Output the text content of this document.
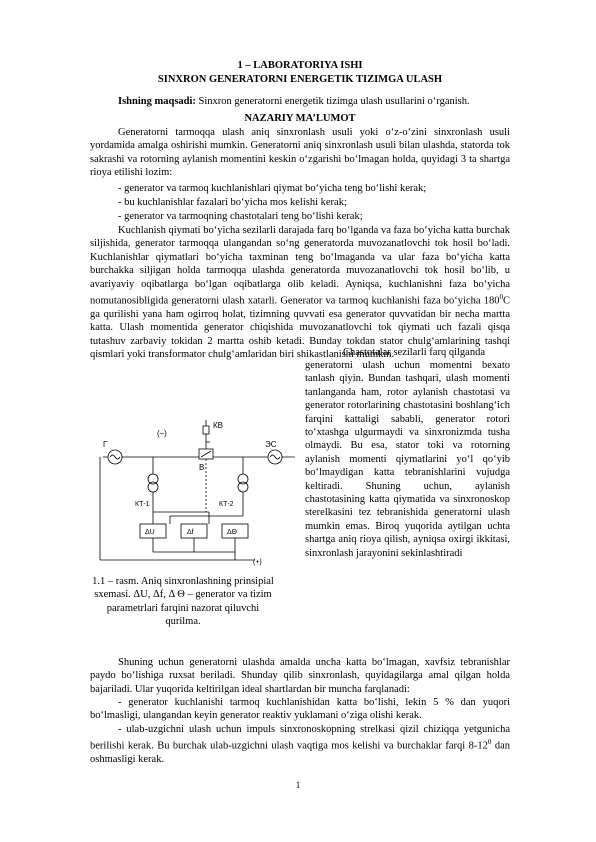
1 – LABORATORIYA ISHI
SINXRON GENERATORNI ENERGETIK TIZIMGA ULASH
Ishning maqsadi: Sinxron generatorni energetik tizimga ulash usullarini o‘rganish.
NAZARIY MA’LUMOT
Generatorni tarmoqqa ulash aniq sinxronlash usuli yoki o‘z-o‘zini sinxronlash usuli yordamida amalga oshirishi mumkin. Generatorni aniq sinxronlash usuli bilan ulashda, statorda tok sakrashi va rotorning aylanish momentini keskin o‘zgarishi bo‘lmagan holda, quyidagi 3 ta shartga rioya etilishi lozim:
- generator va tarmoq kuchlanishlari qiymat bo‘yicha teng bo‘lishi kerak;
- bu kuchlanishlar fazalari bo‘yicha mos kelishi kerak;
- generator va tarmoqning chastotalari teng bo‘lishi kerak;
Kuchlanish qiymati bo‘yicha sezilarli darajada farq bo‘lganda va faza bo‘yicha katta burchak siljishida, generator tarmoqqa ulangandan so‘ng generatorda muvozanatlovchi tok hosil bo‘ladi. Kuchlanishlar qiymatlari bo‘yicha taxminan teng bo‘lmaganda va ular faza bo‘yicha katta burchakka siljigan holda tarmoqqa ulashda generatorda muvozanatlovchi tok hosil bo‘lib, u avariyaviy oqibatlarga bo‘lgan oqibatlarga olib keladi. Ayniqsa, kuchlanishni faza bo‘yicha nomutanosibligida generatorni ulash xatarli. Generator va tarmoq kuchlanishi faza bo‘yicha $180^0C$ ga qurilishi yana ham ogirroq holat, tizimning quvvati esa generator quvvatidan bir necha martta katta. Ulash momentida generator chiqishida muvozanatlovchi tok qiymati uch fazali qisqa tutashuv zarbaviy tokidan 2 martta oshib ketadi. Bunday tokdan stator chulg‘amlarining tashqi qismlari yoki transformator chulg‘amlaridan biri shikastlanishi mumkin.
Г
(–)
КВ
В
ЭС
КТ-1	КТ-2
ΔU	Δf	ΔΘ
(+)
1.1 – rasm. Aniq sinxronlashning prinsipial sxemasi. ΔU, Δf, Δ Θ – generator va tizim parametrlari farqini nazorat qiluvchi qurilma.
Chastotalar sezilarli farq qilganda
generatorni ulash uchun momentni bexato tanlash qiyin. Bundan tashqari, ulash momenti tanlanganda ham, rotor aylanish chastotasi va generator rotorlarining chastotasini boshlang‘ich farqini kattaligi sababli, generator rotori to‘xtashga ulgurmaydi va sinxronizmda tusha olmaydi. Bu esa, stator toki va rotorning aylanish momenti qiymatlarini yo‘l qo‘yib bo‘lmaydigan katta tebranishlarini vujudga keltiradi. Shuning uchun, aylanish chastotasining katta qiymatida va sinxronoskop sterelkasini tez tebranishida generatorni ulash mumkin emas. Biroq yuqorida aytilgan uchta shartga aniq rioya qilish, ayniqsa oxirgi ikkitasi, sinxronlash jarayonini sekinlashtiradi
Shuning uchun generatorni ulashda amalda uncha katta bo‘lmagan, xavfsiz tebranishlar paydo bo‘lishiga ruxsat beriladi. Shunday qilib sinxronlash, quyidagilarga amal qilgan holda bajariladi. Ular yuqorida keltirilgan ideal shartlardan bir muncha farqlanadi:
- generator kuchlanishi tarmoq kuchlanishidan katta bo‘lishi, lekin 5 % dan yuqori bo‘lmasligi, ulangandan keyin generator reaktiv yuklamani o‘ziga olishi kerak.
- ulab-uzgichni ulash uchun impuls sinxronoskopning strelkasi qizil chiziqqa yetgunicha berilishi kerak. Bu burchak ulab-uzgichni ulash vaqtiga mos kelishi va burchaklar farqi $8-12^0$ dan oshmasligi kerak.
1
